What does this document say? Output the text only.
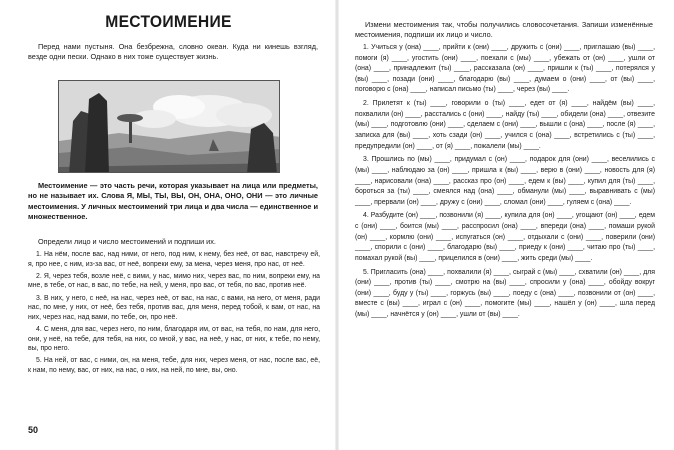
МЕСТОИМЕНИЕ

Перед нами пустыня. Она безбрежна, словно океан. Куда ни кинешь взгляд, везде одни пески. Однако в них тоже существует жизнь.

Местоимение — это часть речи, которая указывает на лица или предметы, но не называет их. Слова Я, МЫ, ТЫ, ВЫ, ОН, ОНА, ОНО, ОНИ — это личные местоимения. У личных местоимений три лица и два числа — единственное и множественное.

Определи лицо и число местоимений и подпиши их.

1. На нём, после вас, над ними, от него, под ним, к нему, без неё, от вас, навстречу ей, я, про нее, с ним, из-за вас, от неё, вопреки ему, за мена, через меня, про нас, от неё.

2. Я, через тебя, возле неё, с вими, у нас, мимо них, через вас, по ним, вопреки ему, на мне, в тебе, от нас, в вас, по тебе, на ней, у меня, про вас, от тебя, по вас, против неё.

3. В них, у него, с неё, на нас, через неё, от вас, на нас, с вами, на него, от меня, ради нас, по мне, у них, от неё, без тебя, против вас, для меня, перед тобой, к вам, от нас, на них, через нас, над вами, по тебе, он, про неё.

4. С меня, для вас, через него, по ним, благодаря им, от вас, на тебя, по нам, для него, они, у неё, на тебе, для тебя, на них, со мной, у вас, на неё, у нас, от них, к тебе, по нему, вы, про него.

5. На ней, от вас, с ними, он, на меня, тебе, для них, через меня, от нас, после вас, её, к нам, по нему, вас, от них, на нас, о них, на ней, по мне, вы, оно.

50

Измени местоимения так, чтобы получились словосочетания. Запиши изменённые местоимения, подпиши их лицо и число.

1. Учиться у (она) ____, прийти к (они) ____, дружить с (они) ____, приглашаю (вы) ____, помоги (я) ____, угостить (они) ____, поехали с (мы) ____, убежать от (он) ____, ушли от (она) ____, принадлежит (ты) ____, рассказала (он) ____, пришли к (ты) ____, потерялся у (вы) ____, позади (они) ____, благодарю (вы) ____, думаем о (они) ____, от (вы) ____, поговорю с (она) ____, написал письмо (ты) ____, через (вы) ____.

2. Прилетят к (ты) ____, говорили о (ты) ____, едет от (я) ____, найдём (вы) ____, похвалили (он) ____, расстались с (они) ____, найду (ты) ____, обидели (она) ____, отвезите (мы) ____, подготовлю (они) ____, сделаем с (они) ____, вышли с (она) ____, после (я) ____, записка для (вы) ____, хоть сзади (он) ____, учился с (она) ____, встретились с (ты) ____, предупредили (он) ____, от (я) ____, пожалели (мы) ____.

3. Прошлись по (мы) ____, придумал с (он) ____, подарок для (они) ____, веселились с (мы) ____, наблюдаю за (он) ____, пришла к (вы) ____, верю в (они) ____, новость для (я) ____, нарисовали (она) ____, рассказ про (он) ____, едем к (вы) ____, купил для (ты) ____, бороться за (ты) ____, смеялся над (она) ____, обманули (мы) ____, выравнивать с (мы) ____, прервали (он) ____, дружу с (они) ____, сломал (они) ____, гуляем с (она) ____.

4. Разбудите (он) ____, позвонили (я) ____, купила для (он) ____, угощают (он) ____, едем с (они) ____, боится (мы) ____, расспросил (она) ____, впереди (она) ____, помаши рукой (он) ____, кормлю (они) ____, испугаться (он) ____, отдыхали с (они) ____, поверили (они) ____, спорили с (они) ____, благодарю (вы) ____, приеду к (они) ____, читаю про (ты) ____, помахал рукой (вы) ____, прицелился в (они) ____, жить среди (мы) ____.

5. Пригласить (она) ____, похвалили (я) ____, сыграй с (мы) ____, схватили (он) ____, для (они) ____, против (ты) ____, смотрю на (вы) ____, спросили у (она) ____, обойду вокруг (они) ____, буду у (ты) ____, горжусь (вы) ____, поеду с (она) ____, позвонили от (он) ____, вместе с (вы) ____, играл с (он) ____, помогите (мы) ____, нашёл у (он) ____, шла перед (мы) ____, начнётся у (он) ____, ушли от (вы) ____.
